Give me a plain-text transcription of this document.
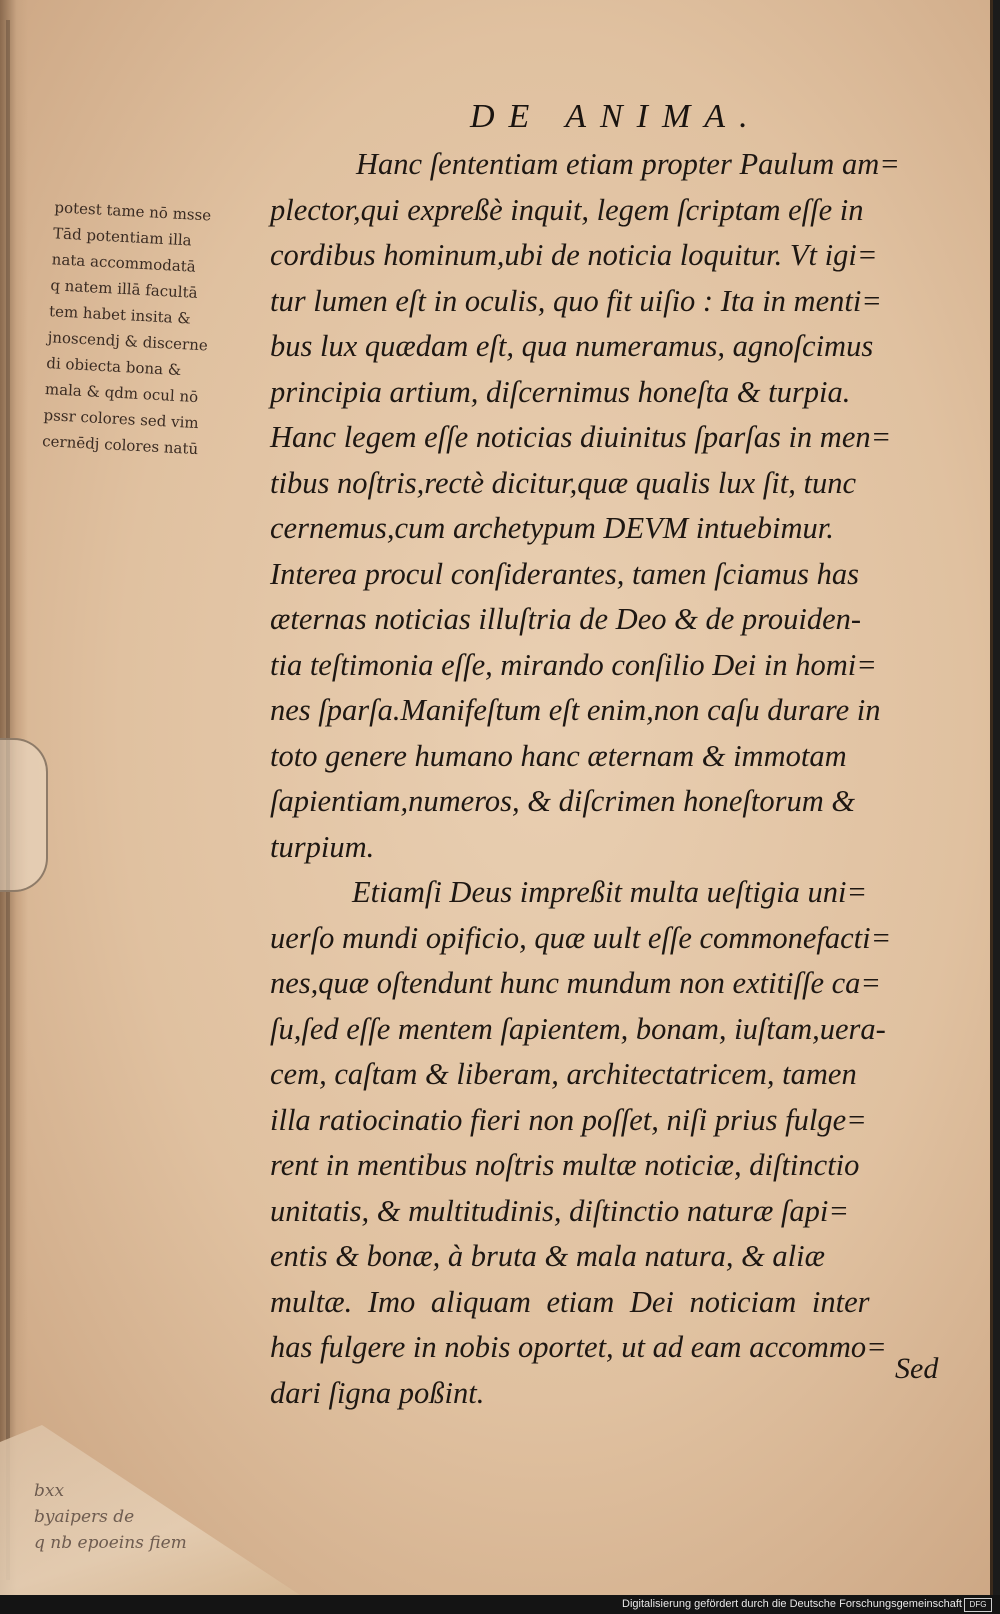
DE ANIMA.
potest tame nō msse
Tād potentiam illa
nata accommodatā
q natem illā facultā
tem habet insita &
jnoscendj & discerne
di obiecta bona &
mala & qdm ocul nō
pssr colores sed vim
cernēdj colores natū
Hanc ſententiam etiam propter Paulum am=
plector,qui expreßè inquit, legem ſcriptam eſſe in
cordibus hominum,ubi de noticia loquitur. Vt igi=
tur lumen eſt in oculis, quo fit uiſio : Ita in menti=
bus lux quædam eſt, qua numeramus, agnoſcimus
principia artium, diſcernimus honeſta & turpia.
Hanc legem eſſe noticias diuinitus ſparſas in men=
tibus noſtris,rectè dicitur,quæ qualis lux ſit, tunc
cernemus,cum archetypum DEVM intuebimur.
Interea procul conſiderantes, tamen ſciamus has
æternas noticias illuſtria de Deo & de prouiden-
tia teſtimonia eſſe, mirando conſilio Dei in homi=
nes ſparſa.Manifeſtum eſt enim,non caſu durare in
toto genere humano hanc æternam & immotam
ſapientiam,numeros, & diſcrimen honeſtorum &
turpium.
Etiamſi Deus impreßit multa ueſtigia uni=
uerſo mundi opificio, quæ uult eſſe commonefacti=
nes,quæ oſtendunt hunc mundum non extitiſſe ca=
ſu,ſed eſſe mentem ſapientem, bonam, iuſtam,uera-
cem, caſtam & liberam, architectatricem, tamen
illa ratiocinatio fieri non poſſet, niſi prius fulge=
rent in mentibus noſtris multæ noticiæ, diſtinctio
unitatis, & multitudinis, diſtinctio naturæ ſapi=
entis & bonæ, à bruta & mala natura, & aliæ
multæ. Imo aliquam etiam Dei noticiam inter
has fulgere in nobis oportet, ut ad eam accommo=
dari ſigna poßint.
Sed
bxx
byaipers de
q nb epoeins fiem
Digitalisierung gefördert durch die Deutsche Forschungsgemeinschaft DFG
